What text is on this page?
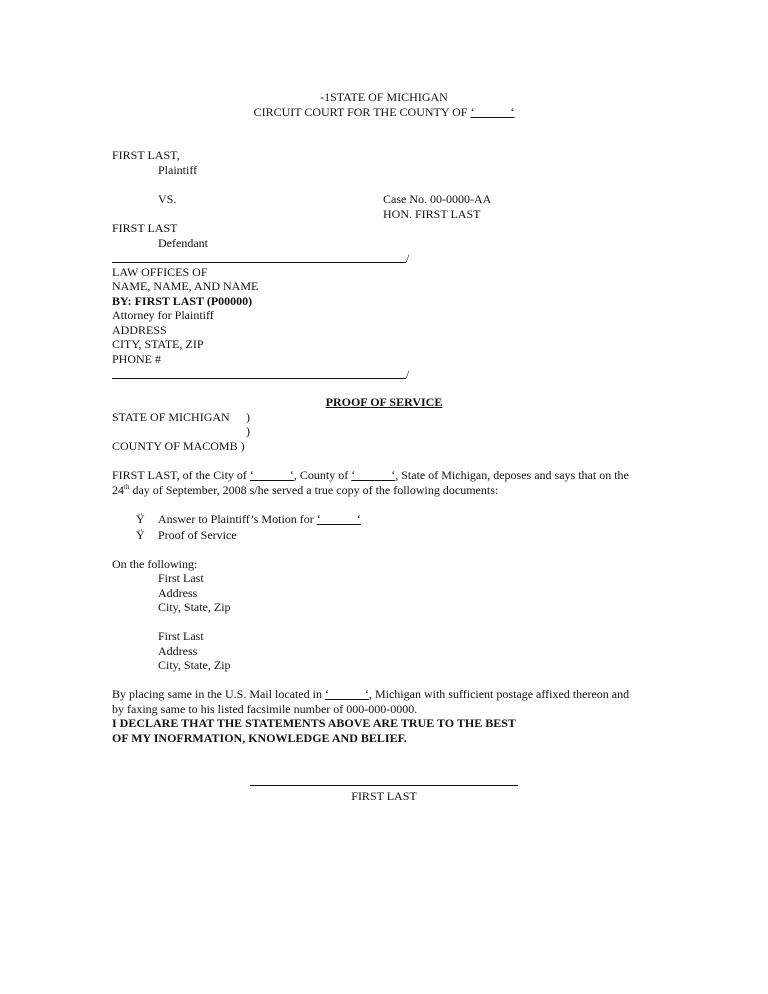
-1STATE OF MICHIGAN
CIRCUIT COURT FOR THE COUNTY OF ‘______‘
FIRST LAST,
Plaintiff
VS.	Case No. 00-0000-AA
HON. FIRST LAST
FIRST LAST
Defendant
/
LAW OFFICES OF
NAME, NAME, AND NAME
BY: FIRST LAST (P00000)
Attorney for Plaintiff
ADDRESS
CITY, STATE, ZIP
PHONE #
/
PROOF OF SERVICE
STATE OF MICHIGAN )
)
COUNTY OF MACOMB )
FIRST LAST, of the City of ‘______‘, County of ‘______‘, State of Michigan, deposes and says that on the
24th day of September, 2008 s/he served a true copy of the following documents:
Ÿ Answer to Plaintiff’s Motion for ‘______‘
Ÿ Proof of Service
On the following:
First Last
Address
City, State, Zip
First Last
Address
City, State, Zip
By placing same in the U.S. Mail located in ‘______‘, Michigan with sufficient postage affixed thereon and
by faxing same to his listed facsimile number of 000-000-0000.
I DECLARE THAT THE STATEMENTS ABOVE ARE TRUE TO THE BEST
OF MY INOFRMATION, KNOWLEDGE AND BELIEF.
FIRST LAST
